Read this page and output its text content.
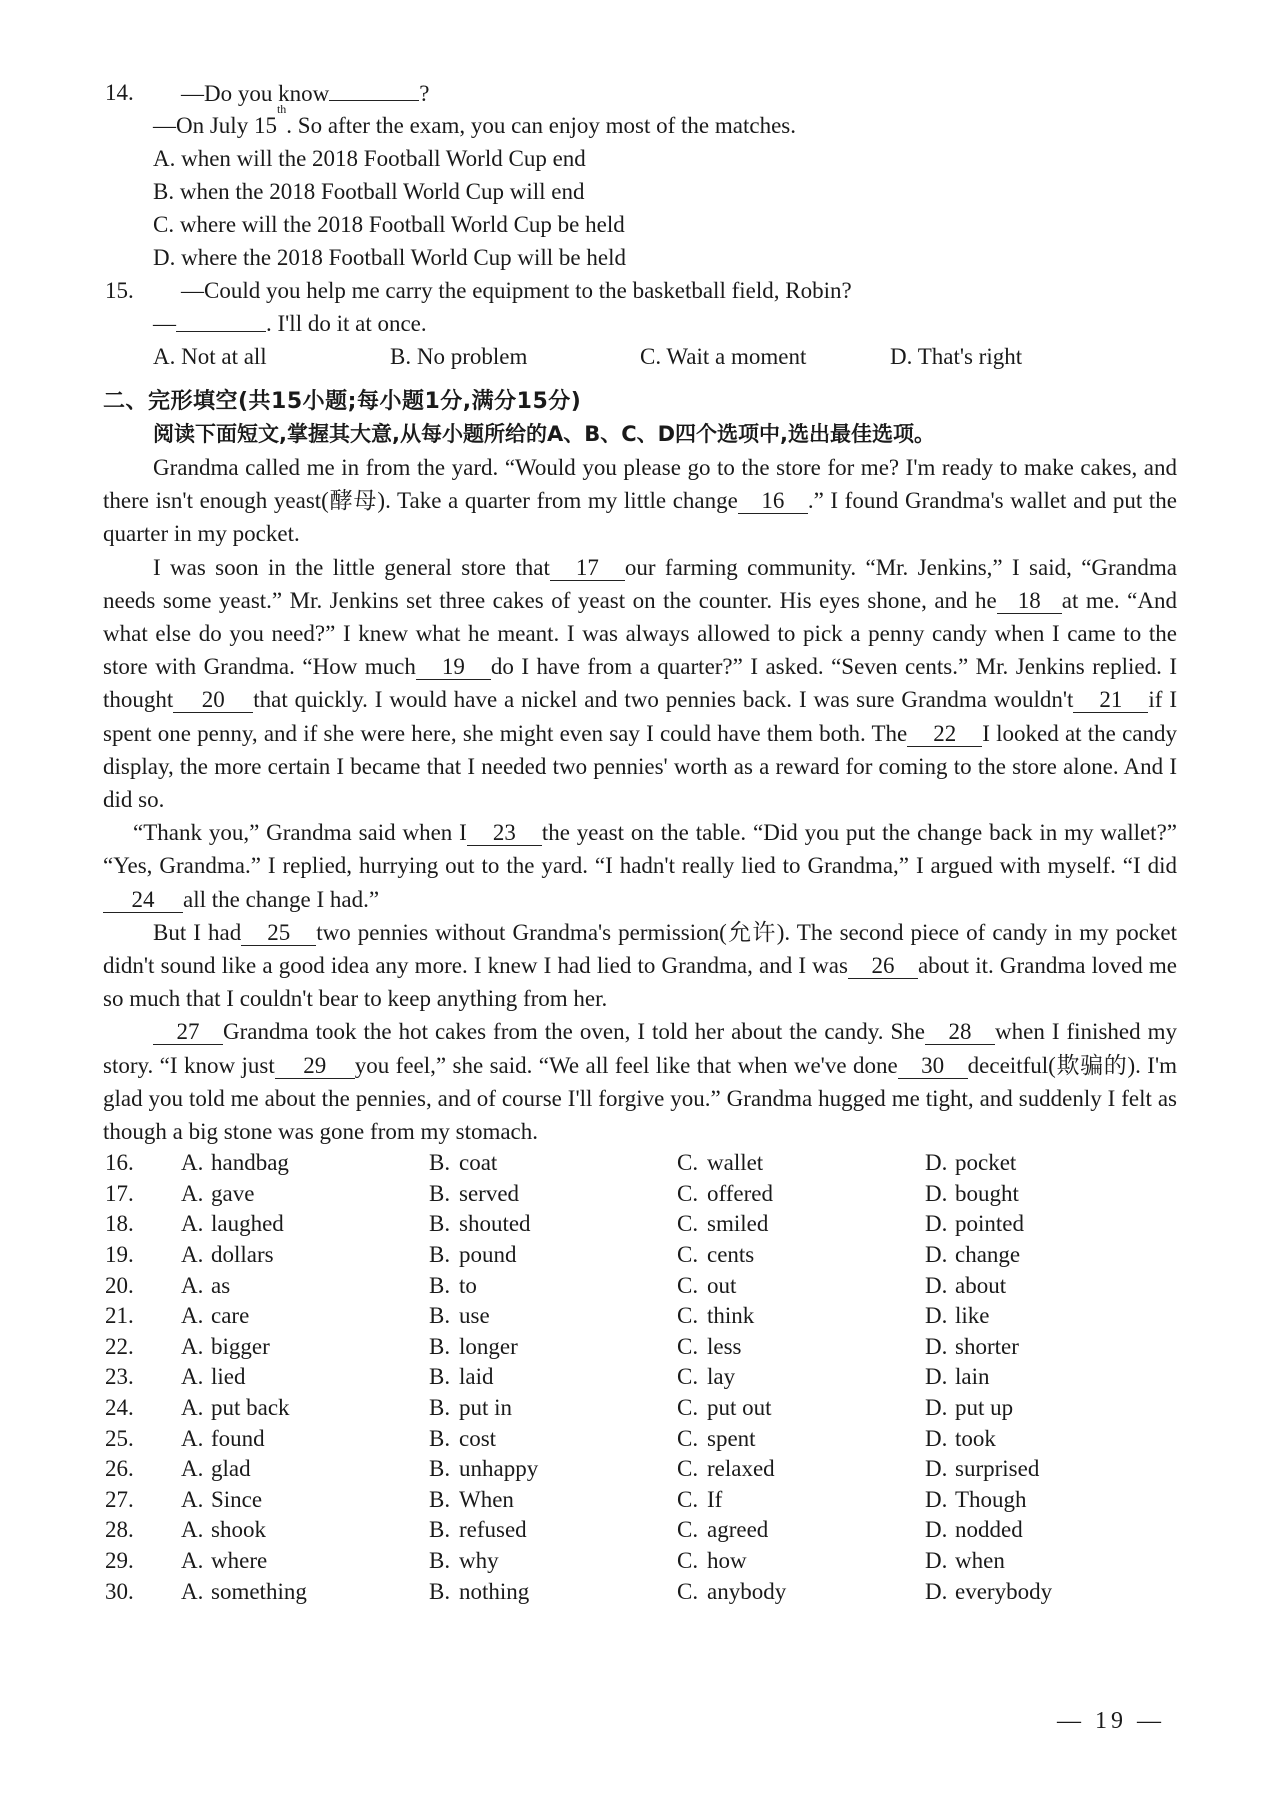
14.	—Do you know	?
—On July 15
th
. So after the exam, you can enjoy most of the matches.
A. when will the 2018 Football World Cup end
B. when the 2018 Football World Cup will end
C. where will the 2018 Football World Cup be held
D. where the 2018 Football World Cup will be held
15.	—Could you help me carry the equipment to the basketball field, Robin?
—	. I'll do it at once.
A. Not at all	B. No problem	C. Wait a moment	D. That's right
二、完形填空(共15小题;每小题1分,满分15分)
阅读下面短文,掌握其大意,从每小题所给的A、B、C、D四个选项中,选出最佳选项。

Grandma called me in from the yard. “Would you please go to the store for me? I'm ready to make cakes, and there isn't enough yeast(酵母). Take a quarter from my little change 16 .” I found Grandma's wallet and put the quarter in my pocket.

I was soon in the little general store that 17 our farming community. “Mr. Jenkins,” I said, “Grandma needs some yeast.” Mr. Jenkins set three cakes of yeast on the counter. His eyes shone, and he 18 at me. “And what else do you need?” I knew what he meant. I was always allowed to pick a penny candy when I came to the store with Grandma. “How much 19 do I have from a quarter?” I asked. “Seven cents.” Mr. Jenkins replied. I thought 20 that quickly. I would have a nickel and two pennies back. I was sure Grandma wouldn't 21 if I spent one penny, and if she were here, she might even say I could have them both. The 22 I looked at the candy display, the more certain I became that I needed two pennies' worth as a reward for coming to the store alone. And I did so.

“Thank you,” Grandma said when I 23 the yeast on the table. “Did you put the change back in my wallet?” “Yes, Grandma.” I replied, hurrying out to the yard. “I hadn't really lied to Grandma,” I argued with myself. “I did24 all the change I had.”

But I had 25 two pennies without Grandma's permission(允许). The second piece of candy in my pocket didn't sound like a good idea any more. I knew I had lied to Grandma, and I was 26 about it. Grandma loved me so much that I couldn't bear to keep anything from her.

27 Grandma took the hot cakes from the oven, I told her about the candy. She 28 when I finished my story. “I know just 29 you feel,” she said. “We all feel like that when we've done 30 deceitful(欺骗的). I'm glad you told me about the pennies, and of course I'll forgive you.” Grandma hugged me tight, and suddenly I felt as though a big stone was gone from my stomach.

16.	A. handbag	B. coat	C. wallet	D. pocket
17.	A. gave	B. served	C. offered	D. bought
18.	A. laughed	B. shouted	C. smiled	D. pointed
19.	A. dollars	B. pound	C. cents	D. change
20.	A. as	B. to	C. out	D. about
21.	A. care	B. use	C. think	D. like
22.	A. bigger	B. longer	C. less	D. shorter
23.	A. lied	B. laid	C. lay	D. lain
24.	A. put back	B. put in	C. put out	D. put up
25.	A. found	B. cost	C. spent	D. took
26.	A. glad	B. unhappy	C. relaxed	D. surprised
27.	A. Since	B. When	C. If	D. Though
28.	A. shook	B. refused	C. agreed	D. nodded
29.	A. where	B. why	C. how	D. when
30.	A. something	B. nothing	C. anybody	D. everybody
— 19 —
